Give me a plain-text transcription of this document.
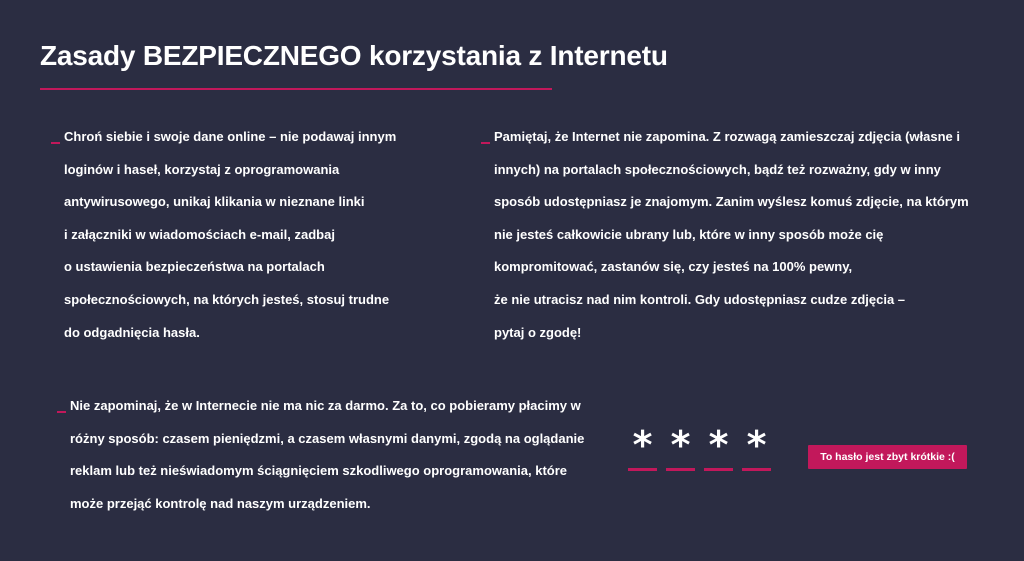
Zasady BEZPIECZNEGO korzystania z Internetu
Chroń siebie i swoje dane online – nie podawaj innym
loginów i haseł, korzystaj z oprogramowania
antywirusowego, unikaj klikania w nieznane linki
i załączniki w wiadomościach e-mail, zadbaj
o ustawienia bezpieczeństwa na portalach
społecznościowych, na których jesteś, stosuj trudne
do odgadnięcia hasła.
Pamiętaj, że Internet nie zapomina. Z rozwagą zamieszczaj zdjęcia (własne i
innych) na portalach społecznościowych, bądź też rozważny, gdy w inny
sposób udostępniasz je znajomym. Zanim wyślesz komuś zdjęcie, na którym
nie jesteś całkowicie ubrany lub, które w inny sposób może cię
kompromitować, zastanów się, czy jesteś na 100% pewny,
że nie utracisz nad nim kontroli. Gdy udostępniasz cudze zdjęcia –
pytaj o zgodę!
Nie zapominaj, że w Internecie nie ma nic za darmo. Za to, co pobieramy płacimy w
różny sposób: czasem pieniędzmi, a czasem własnymi danymi, zgodą na oglądanie
reklam lub też nieświadomym ściągnięciem szkodliwego oprogramowania, które
może przejąć kontrolę nad naszym urządzeniem.
* * * *	To hasło jest zbyt krótkie :(
